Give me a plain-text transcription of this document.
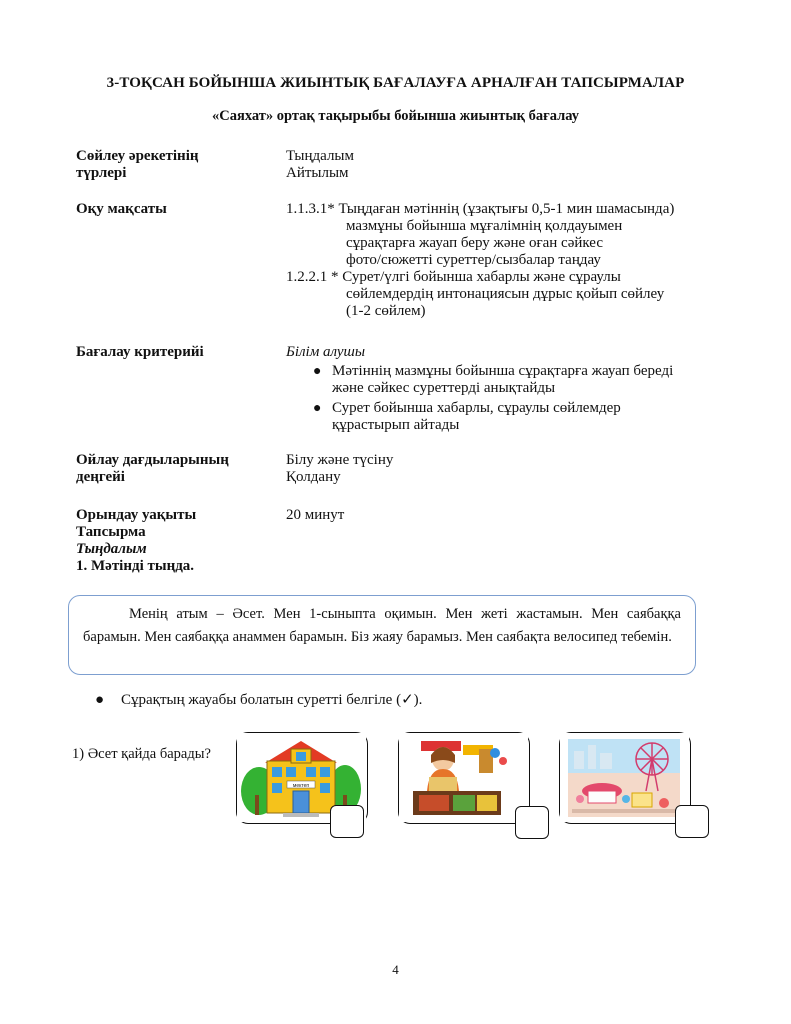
3-ТОҚСАН БОЙЫНША ЖИЫНТЫҚ БАҒАЛАУҒА АРНАЛҒАН ТАПСЫРМАЛАР
«Саяхат» ортақ тақырыбы бойынша жиынтық бағалау
Сөйлеу әрекетінің
түрлері
Тыңдалым
Айтылым
Оқу мақсаты	1.1.3.1* Тыңдаған мәтіннің (ұзақтығы 0,5-1 мин шамасында)
мазмұны бойынша мұғалімнің қолдауымен
сұрақтарға жауап беру және оған сәйкес
фото/сюжетті суреттер/сызбалар таңдау
1.2.2.1 * Сурет/үлгі бойынша хабарлы және сұраулы
сөйлемдердің интонациясын дұрыс қойып сөйлеу
(1-2 сөйлем)
Бағалау критерийі	Білім алушы
● Мәтіннің мазмұны бойынша сұрақтарға жауап береді
және сәйкес суреттерді анықтайды
● Сурет бойынша хабарлы, сұраулы сөйлемдер
құрастырып айтады
Ойлау дағдыларының
деңгейі
Білу және түсіну
Қолдану
Орындау уақыты
Тапсырма
Тыңдалым
1. Мәтінді тыңда.
20 минут
Менің атым – Әсет. Мен 1-сыныпта оқимын. Мен жеті жастамын. Мен саябаққа барамын. Мен саябаққа анаммен барамын. Біз жаяу барамыз. Мен саябақта велосипед тебемін.
● Сұрақтың жауабы болатын суретті белгіле (✓).
1) Әсет қайда барады?
мектеп
4
